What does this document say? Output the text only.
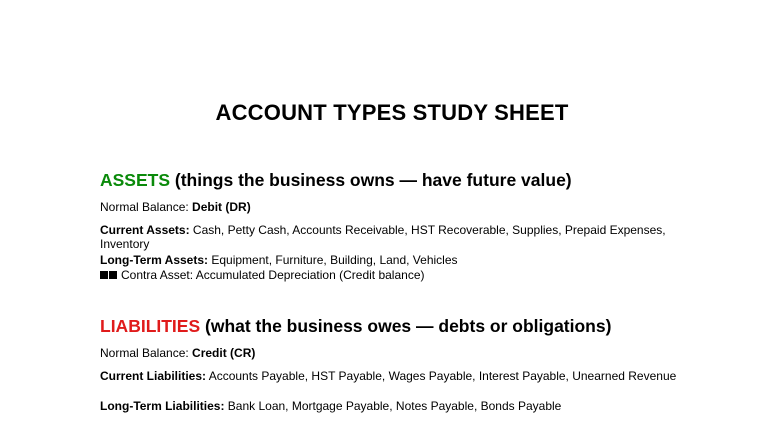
ACCOUNT TYPES STUDY SHEET
ASSETS (things the business owns — have future value)
Normal Balance: Debit (DR)
Current Assets: Cash, Petty Cash, Accounts Receivable, HST Recoverable, Supplies, Prepaid Expenses, Inventory
Long-Term Assets: Equipment, Furniture, Building, Land, Vehicles
Contra Asset: Accumulated Depreciation (Credit balance)
LIABILITIES (what the business owes — debts or obligations)
Normal Balance: Credit (CR)
Current Liabilities: Accounts Payable, HST Payable, Wages Payable, Interest Payable, Unearned Revenue
Long-Term Liabilities: Bank Loan, Mortgage Payable, Notes Payable, Bonds Payable
